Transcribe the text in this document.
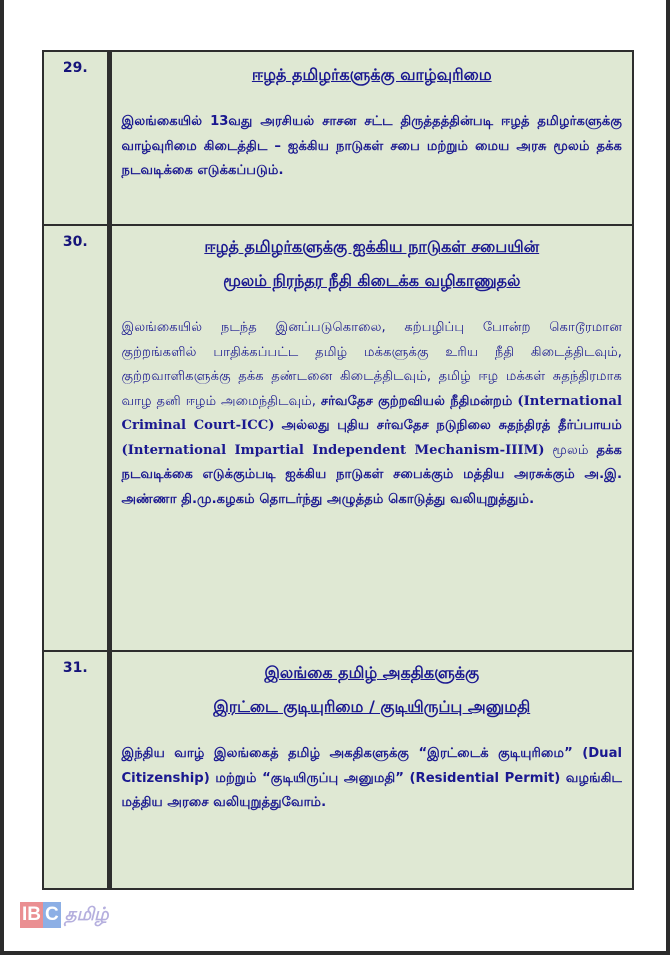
29.	ஈழத் தமிழர்களுக்கு வாழ்வுரிமை

இலங்கையில் 13வது அரசியல் சாசன சட்ட திருத்தத்தின்படி ஈழத் தமிழர்களுக்கு வாழ்வுரிமை கிடைத்திட – ஐக்கிய நாடுகள் சபை மற்றும் மைய அரசு மூலம் தக்க நடவடிக்கை எடுக்கப்படும்.

30.	ஈழத் தமிழர்களுக்கு ஐக்கிய நாடுகள் சபையின்

மூலம் நிரந்தர நீதி கிடைக்க வழிகாணுதல்

இலங்கையில் நடந்த இனப்படுகொலை, கற்பழிப்பு போன்ற கொடூரமான குற்றங்களில் பாதிக்கப்பட்ட தமிழ் மக்களுக்கு உரிய நீதி கிடைத்திடவும், குற்றவாளிகளுக்கு தக்க தண்டனை கிடைத்திடவும், தமிழ் ஈழ மக்கள் சுதந்திரமாக வாழ தனி ஈழம் அமைந்திடவும், சர்வதேச குற்றவியல் நீதிமன்றம் (International Criminal Court-ICC) அல்லது புதிய சர்வதேச நடுநிலை சுதந்திரத் தீர்ப்பாயம் (International Impartial Independent Mechanism-IIIM) மூலம் தக்க நடவடிக்கை எடுக்கும்படி ஐக்கிய நாடுகள் சபைக்கும் மத்திய அரசுக்கும் அ.இ. அண்ணா தி.மு.கழகம் தொடர்ந்து அழுத்தம் கொடுத்து வலியுறுத்தும்.

31.	இலங்கை தமிழ் அகதிகளுக்கு

இரட்டை குடியுரிமை / குடியிருப்பு அனுமதி

இந்திய வாழ் இலங்கைத் தமிழ் அகதிகளுக்கு “இரட்டைக் குடியுரிமை” (Dual Citizenship) மற்றும் “குடியிருப்பு அனுமதி” (Residential Permit) வழங்கிட மத்திய அரசை வலியுறுத்துவோம்.

IB C தமிழ்
